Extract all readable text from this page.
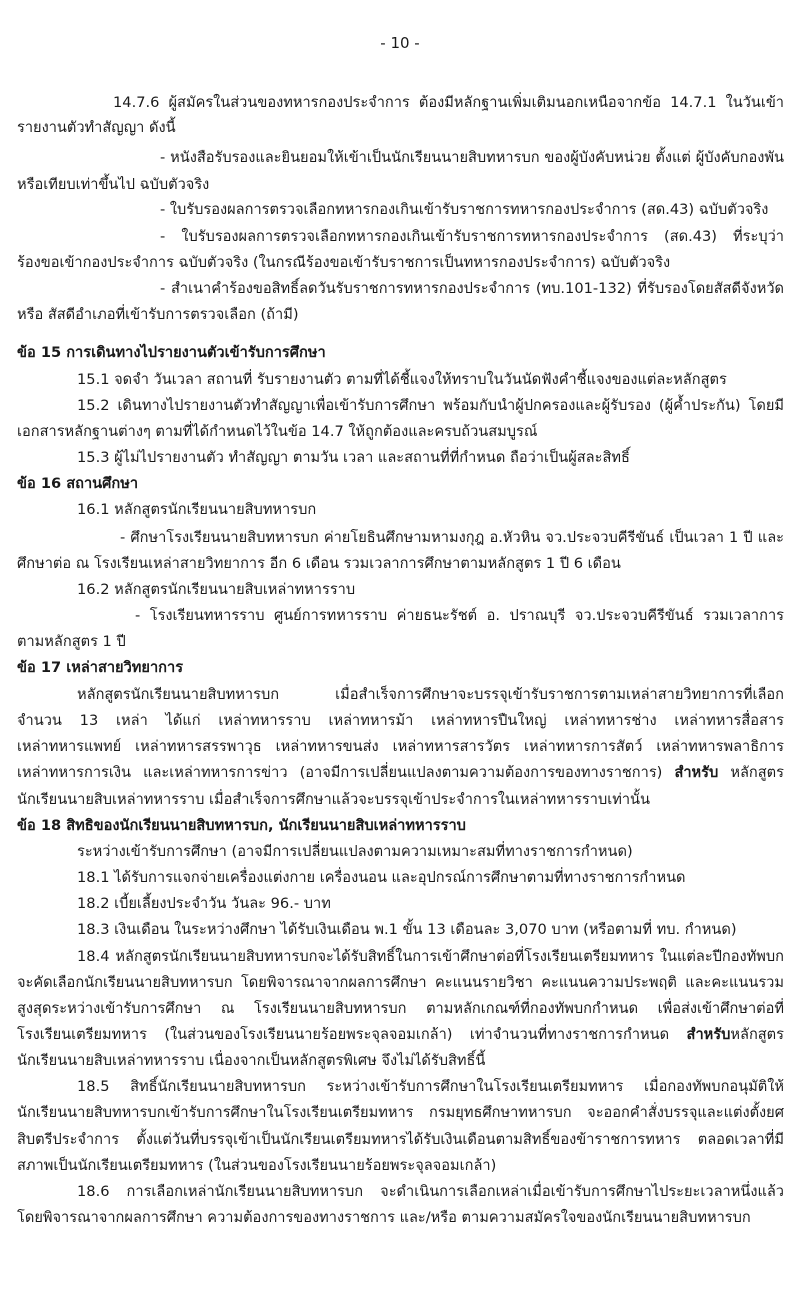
- 10 -
14.7.6 ผู้สมัครในส่วนของทหารกองประจำการ ต้องมีหลักฐานเพิ่มเติมนอกเหนือจากข้อ 14.7.1 ในวันเข้า
รายงานตัวทำสัญญา ดังนี้
- หนังสือรับรองและยินยอมให้เข้าเป็นนักเรียนนายสิบทหารบก ของผู้บังคับหน่วย ตั้งแต่ ผู้บังคับกองพัน
หรือเทียบเท่าขึ้นไป ฉบับตัวจริง
- ใบรับรองผลการตรวจเลือกทหารกองเกินเข้ารับราชการทหารกองประจำการ (สด.43) ฉบับตัวจริง
- ใบรับรองผลการตรวจเลือกทหารกองเกินเข้ารับราชการทหารกองประจำการ (สด.43) ที่ระบุว่า
ร้องขอเข้ากองประจำการ ฉบับตัวจริง (ในกรณีร้องขอเข้ารับราชการเป็นทหารกองประจำการ) ฉบับตัวจริง
- สำเนาคำร้องขอสิทธิ์ลดวันรับราชการทหารกองประจำการ (ทบ.101-132) ที่รับรองโดยสัสดีจังหวัด
หรือ สัสดีอำเภอที่เข้ารับการตรวจเลือก (ถ้ามี)
ข้อ 15 การเดินทางไปรายงานตัวเข้ารับการศึกษา
15.1 จดจำ วันเวลา สถานที่ รับรายงานตัว ตามที่ได้ชี้แจงให้ทราบในวันนัดฟังคำชี้แจงของแต่ละหลักสูตร
15.2 เดินทางไปรายงานตัวทำสัญญาเพื่อเข้ารับการศึกษา พร้อมกับนำผู้ปกครองและผู้รับรอง (ผู้ค้ำประกัน) โดยมี
เอกสารหลักฐานต่างๆ ตามที่ได้กำหนดไว้ในข้อ 14.7 ให้ถูกต้องและครบถ้วนสมบูรณ์
15.3 ผู้ไม่ไปรายงานตัว ทำสัญญา ตามวัน เวลา และสถานที่ที่กำหนด ถือว่าเป็นผู้สละสิทธิ์
ข้อ 16 สถานศึกษา
16.1 หลักสูตรนักเรียนนายสิบทหารบก
- ศึกษาโรงเรียนนายสิบทหารบก ค่ายโยธินศึกษามหามงกุฎ อ.หัวหิน จว.ประจวบคีรีขันธ์ เป็นเวลา 1 ปี และ
ศึกษาต่อ ณ โรงเรียนเหล่าสายวิทยาการ อีก 6 เดือน รวมเวลาการศึกษาตามหลักสูตร 1 ปี 6 เดือน
16.2 หลักสูตรนักเรียนนายสิบเหล่าทหารราบ
- โรงเรียนทหารราบ ศูนย์การทหารราบ ค่ายธนะรัชต์ อ. ปราณบุรี จว.ประจวบคีรีขันธ์ รวมเวลาการ
ตามหลักสูตร 1 ปี
ข้อ 17 เหล่าสายวิทยาการ
หลักสูตรนักเรียนนายสิบทหารบก เมื่อสำเร็จการศึกษาจะบรรจุเข้ารับราชการตามเหล่าสายวิทยาการที่เลือก
จำนวน 13 เหล่า ได้แก่ เหล่าทหารราบ เหล่าทหารม้า เหล่าทหารปืนใหญ่ เหล่าทหารช่าง เหล่าทหารสื่อสาร
เหล่าทหารแพทย์ เหล่าทหารสรรพาวุธ เหล่าทหารขนส่ง เหล่าทหารสารวัตร เหล่าทหารการสัตว์ เหล่าทหารพลาธิการ
เหล่าทหารการเงิน และเหล่าทหารการข่าว (อาจมีการเปลี่ยนแปลงตามความต้องการของทางราชการ) สำหรับ หลักสูตร
นักเรียนนายสิบเหล่าทหารราบ เมื่อสำเร็จการศึกษาแล้วจะบรรจุเข้าประจำการในเหล่าทหารราบเท่านั้น
ข้อ 18 สิทธิของนักเรียนนายสิบทหารบก, นักเรียนนายสิบเหล่าทหารราบ
ระหว่างเข้ารับการศึกษา (อาจมีการเปลี่ยนแปลงตามความเหมาะสมที่ทางราชการกำหนด)
18.1 ได้รับการแจกจ่ายเครื่องแต่งกาย เครื่องนอน และอุปกรณ์การศึกษาตามที่ทางราชการกำหนด
18.2 เบี้ยเลี้ยงประจำวัน วันละ 96.- บาท
18.3 เงินเดือน ในระหว่างศึกษา ได้รับเงินเดือน พ.1 ขั้น 13 เดือนละ 3,070 บาท (หรือตามที่ ทบ. กำหนด)
18.4 หลักสูตรนักเรียนนายสิบทหารบกจะได้รับสิทธิ์ในการเข้าศึกษาต่อที่โรงเรียนเตรียมทหาร ในแต่ละปีกองทัพบก
จะคัดเลือกนักเรียนนายสิบทหารบก โดยพิจารณาจากผลการศึกษา คะแนนรายวิชา คะแนนความประพฤติ และคะแนนรวม
สูงสุดระหว่างเข้ารับการศึกษา ณ โรงเรียนนายสิบทหารบก ตามหลักเกณฑ์ที่กองทัพบกกำหนด เพื่อส่งเข้าศึกษาต่อที่
โรงเรียนเตรียมทหาร (ในส่วนของโรงเรียนนายร้อยพระจุลจอมเกล้า) เท่าจำนวนที่ทางราชการกำหนด สำหรับหลักสูตร
นักเรียนนายสิบเหล่าทหารราบ เนื่องจากเป็นหลักสูตรพิเศษ จึงไม่ได้รับสิทธิ์นี้
18.5 สิทธิ์นักเรียนนายสิบทหารบก ระหว่างเข้ารับการศึกษาในโรงเรียนเตรียมทหาร เมื่อกองทัพบกอนุมัติให้
นักเรียนนายสิบทหารบกเข้ารับการศึกษาในโรงเรียนเตรียมทหาร กรมยุทธศึกษาทหารบก จะออกคำสั่งบรรจุและแต่งตั้งยศ
สิบตรีประจำการ ตั้งแต่วันที่บรรจุเข้าเป็นนักเรียนเตรียมทหารได้รับเงินเดือนตามสิทธิ์ของข้าราชการทหาร ตลอดเวลาที่มี
สภาพเป็นนักเรียนเตรียมทหาร (ในส่วนของโรงเรียนนายร้อยพระจุลจอมเกล้า)
18.6 การเลือกเหล่านักเรียนนายสิบทหารบก จะดำเนินการเลือกเหล่าเมื่อเข้ารับการศึกษาไประยะเวลาหนึ่งแล้ว
โดยพิจารณาจากผลการศึกษา ความต้องการของทางราชการ และ/หรือ ตามความสมัครใจของนักเรียนนายสิบทหารบก
